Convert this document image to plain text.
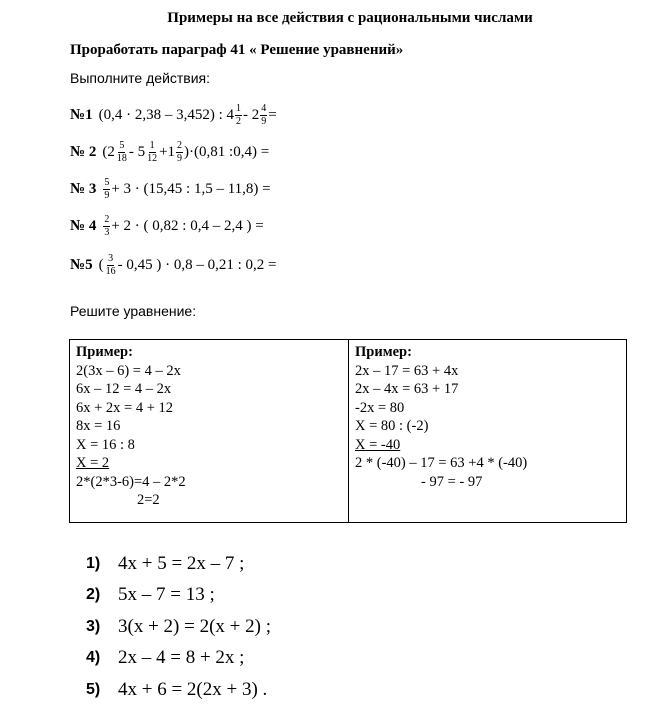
Примеры на все действия с рациональными числами
Проработать параграф 41 « Решение уравнений»
Выполните действия:
№1 (0,4 · 2,38 – 3,452) : $4 \frac{1}{2} - 2 \frac{4}{9}$ =
№ 2 $(2 \frac{5}{18} - 5 \frac{1}{12} +1 \frac{2}{9} )\cdot(0,81$ :0,4) =
№ $3 \frac{5}{9} + 3 \cdot (15,45$ : 1,5 – 11,8) =
№ $4 \frac{2}{3} + 2$ · ( 0,82 : 0,4 – 2,4 ) =
№5 ( $\frac{3}{16} - 0,45$ ) · 0,8 – 0,21 : 0,2 =
Решите уравнение:
Пример:
2(3х – 6) = 4 – 2х
6х – 12 = 4 – 2х
6х + 2х = 4 + 12
8х = 16
Х = 16 : 8
Х = 2
2*(2*3-6)=4 – 2*2
2=2
Пример:
2х – 17 = 63 + 4х
2х – 4х = 63 + 17
-2х = 80
Х = 80 : (-2)
Х = -40
2 * (-40) – 17 = 63 +4 * (-40)
- 97 = - 97
1) 4x + 5 = 2x – 7 ;
2) 5x – 7 = 13 ;
3) 3(x + 2) = 2(x + 2) ;
4) 2x – 4 = 8 + 2x ;
5) 4x + 6 = 2(2x + 3) .
